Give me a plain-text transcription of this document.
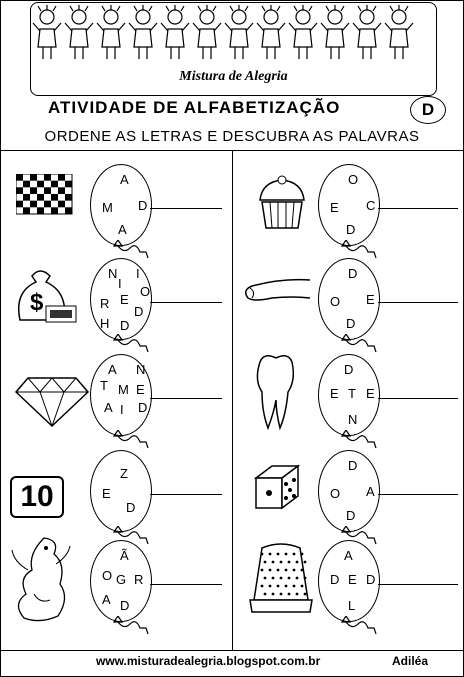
Mistura de Alegria
ATIVIDADE DE ALFABETIZAÇÃO	D
ORDENE AS LETRAS E DESCUBRA AS PALAVRAS
www.misturadealegria.blogspot.com.br	Adiléa
$
10
A
M D
A
O
E C
D
N I
I
O
E
R
D
H D
D
O E
D
A N
T M E
A I D
D
E T E
N
Z
E
D
D
O A
D
Ã
O G R
A D
A
D E D
L
